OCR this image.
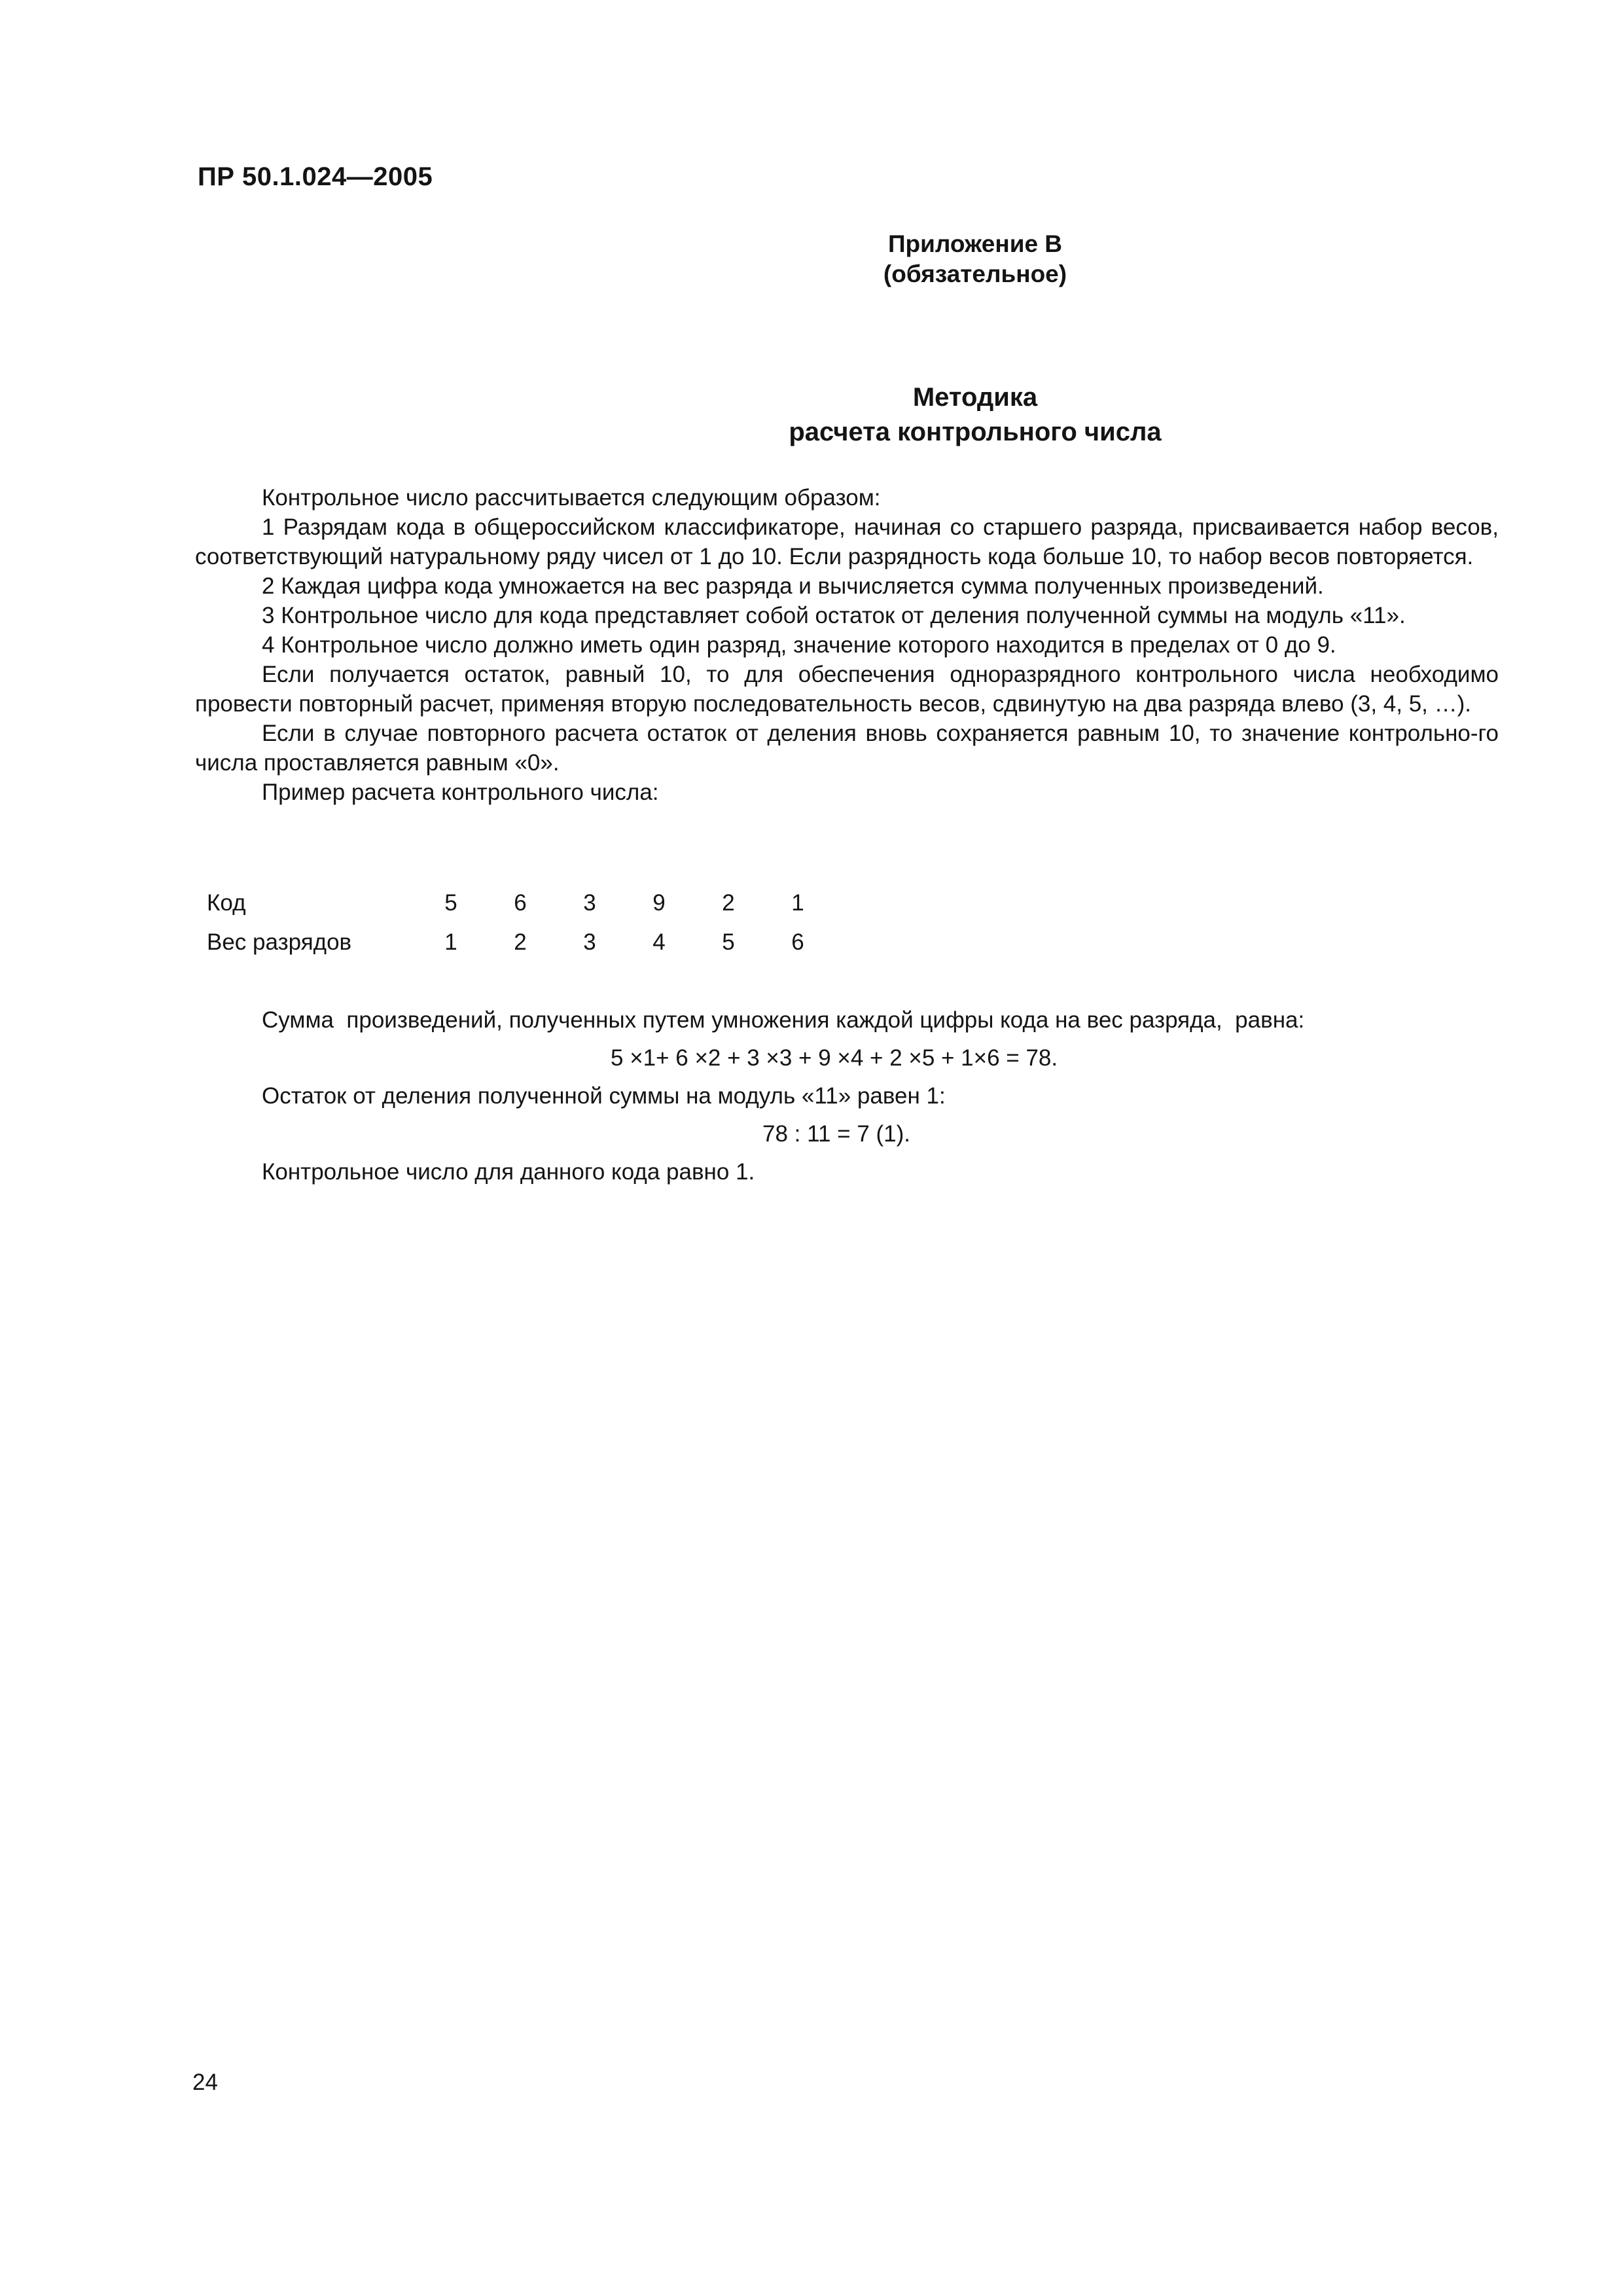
ПР 50.1.024—2005
Приложение В
(обязательное)
Методика
расчета контрольного числа

Контрольное число рассчитывается следующим образом:

1 Разрядам кода в общероссийском классификаторе, начиная со старшего разряда, присваивается набор весов, соответствующий натуральному ряду чисел от 1 до 10. Если разрядность кода больше 10, то набор весов повторяется.

2 Каждая цифра кода умножается на вес разряда и вычисляется сумма полученных произведений.

3 Контрольное число для кода представляет собой остаток от деления полученной суммы на модуль «11».

4 Контрольное число должно иметь один разряд, значение которого находится в пределах от 0 до 9.

Если получается остаток, равный 10, то для обеспечения одноразрядного контрольного числа необходимо провести повторный расчет, применяя вторую последовательность весов, сдвинутую на два разряда влево (3, 4, 5, …).

Если в случае повторного расчета остаток от деления вновь сохраняется равным 10, то значение контрольно-го числа проставляется равным «0».

Пример расчета контрольного числа:

Код	5	6	3	9	2	1
Вес разрядов	1	2	3	4	5	6
Сумма  произведений, полученных путем умножения каждой цифры кода на вес разряда,  равна:
5 ×1+ 6 ×2 + 3 ×3 + 9 ×4 + 2 ×5 + 1×6 = 78.
Остаток от деления полученной суммы на модуль «11» равен 1:
78 : 11 = 7 (1).
Контрольное число для данного кода равно 1.
24
